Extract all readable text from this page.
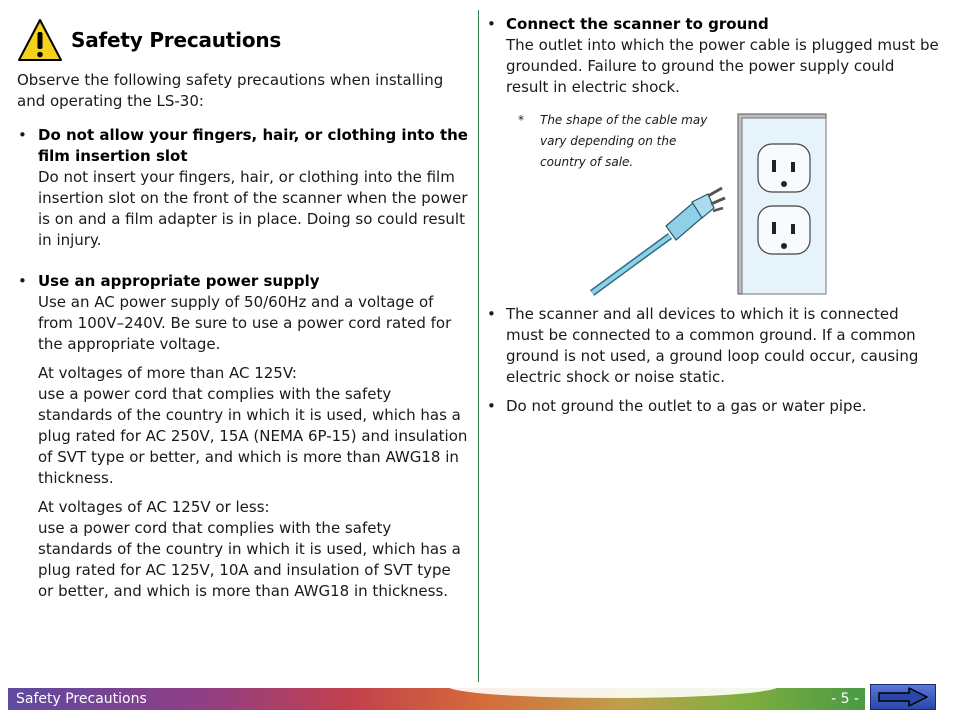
Safety Precautions

Observe the following safety precautions when installing and operating the LS-30:

• Do not allow your fingers, hair, or clothing into the film insertion slot

Do not insert your fingers, hair, or clothing into the film insertion slot on the front of the scanner when the power is on and a film adapter is in place. Doing so could result in injury.

• Use an appropriate power supply

Use an AC power supply of 50/60Hz and a voltage of from 100V–240V. Be sure to use a power cord rated for the appropriate voltage.

At voltages of more than AC 125V:

use a power cord that complies with the safety standards of the country in which it is used, which has a plug rated for AC 250V, 15A (NEMA 6P-15) and insulation of SVT type or better, and which is more than AWG18 in thickness.

At voltages of AC 125V or less:

use a power cord that complies with the safety standards of the country in which it is used, which has a plug rated for AC 125V, 10A and insulation of SVT type or better, and which is more than AWG18 in thickness.

• Connect the scanner to ground

The outlet into which the power cable is plugged must be grounded. Failure to ground the power supply could result in electric shock.

* The shape of the cable may vary depending on the country of sale.
• The scanner and all devices to which it is connected must be connected to a common ground. If a common ground is not used, a ground loop could occur, causing electric shock or noise static.

• Do not ground the outlet to a gas or water pipe.

Safety Precautions	- 5 -
